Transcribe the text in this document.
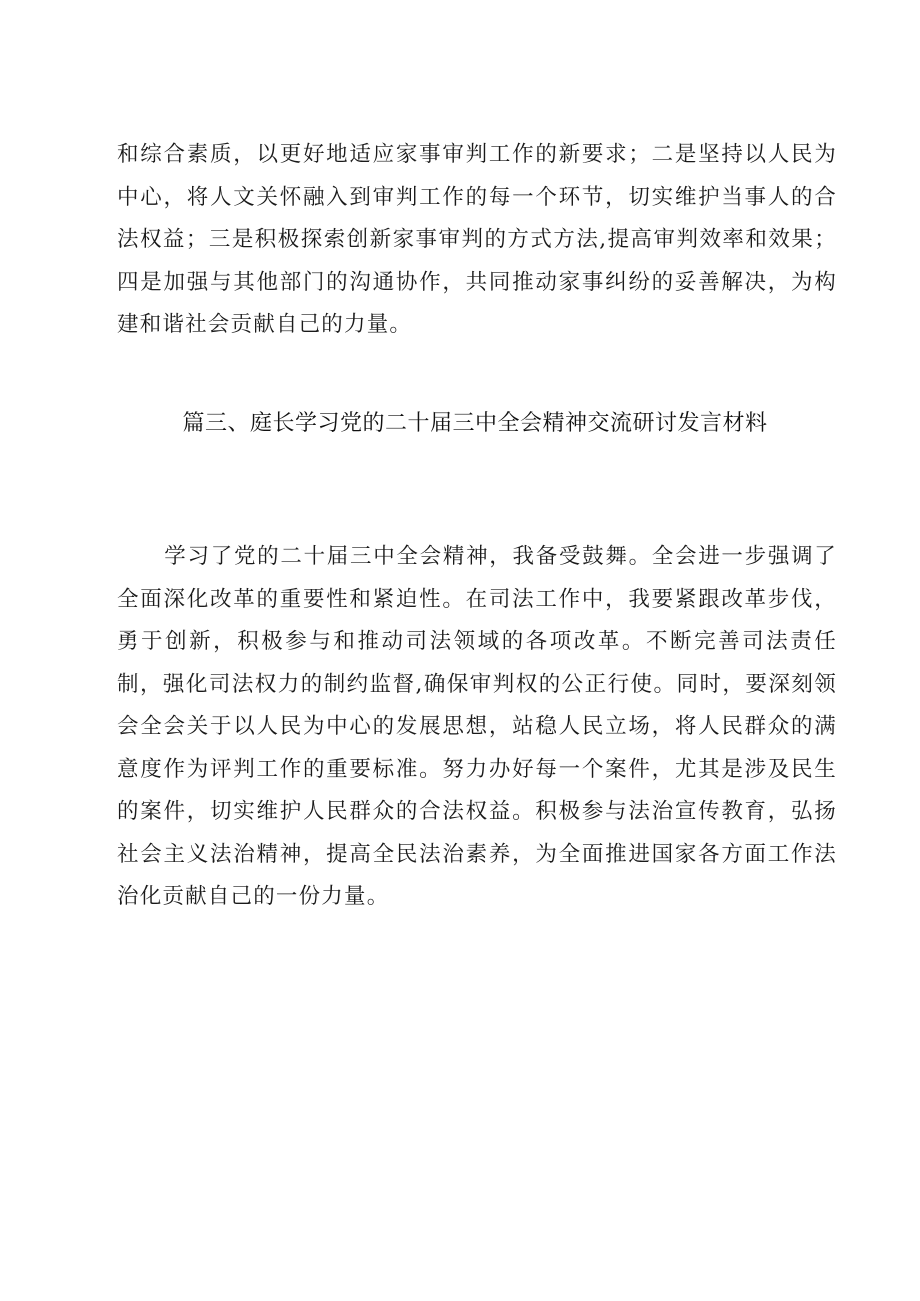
和综合素质，以更好地适应家事审判工作的新要求；二是坚持以人民为中心，将人文关怀融入到审判工作的每一个环节，切实维护当事人的合法权益；三是积极探索创新家事审判的方式方法,提高审判效率和效果；四是加强与其他部门的沟通协作，共同推动家事纠纷的妥善解决，为构建和谐社会贡献自己的力量。

篇三、庭长学习党的二十届三中全会精神交流研讨发言材料

学习了党的二十届三中全会精神，我备受鼓舞。全会进一步强调了全面深化改革的重要性和紧迫性。在司法工作中，我要紧跟改革步伐，勇于创新，积极参与和推动司法领域的各项改革。不断完善司法责任制，强化司法权力的制约监督,确保审判权的公正行使。同时，要深刻领会全会关于以人民为中心的发展思想，站稳人民立场，将人民群众的满意度作为评判工作的重要标准。努力办好每一个案件，尤其是涉及民生的案件，切实维护人民群众的合法权益。积极参与法治宣传教育，弘扬社会主义法治精神，提高全民法治素养，为全面推进国家各方面工作法治化贡献自己的一份力量。
